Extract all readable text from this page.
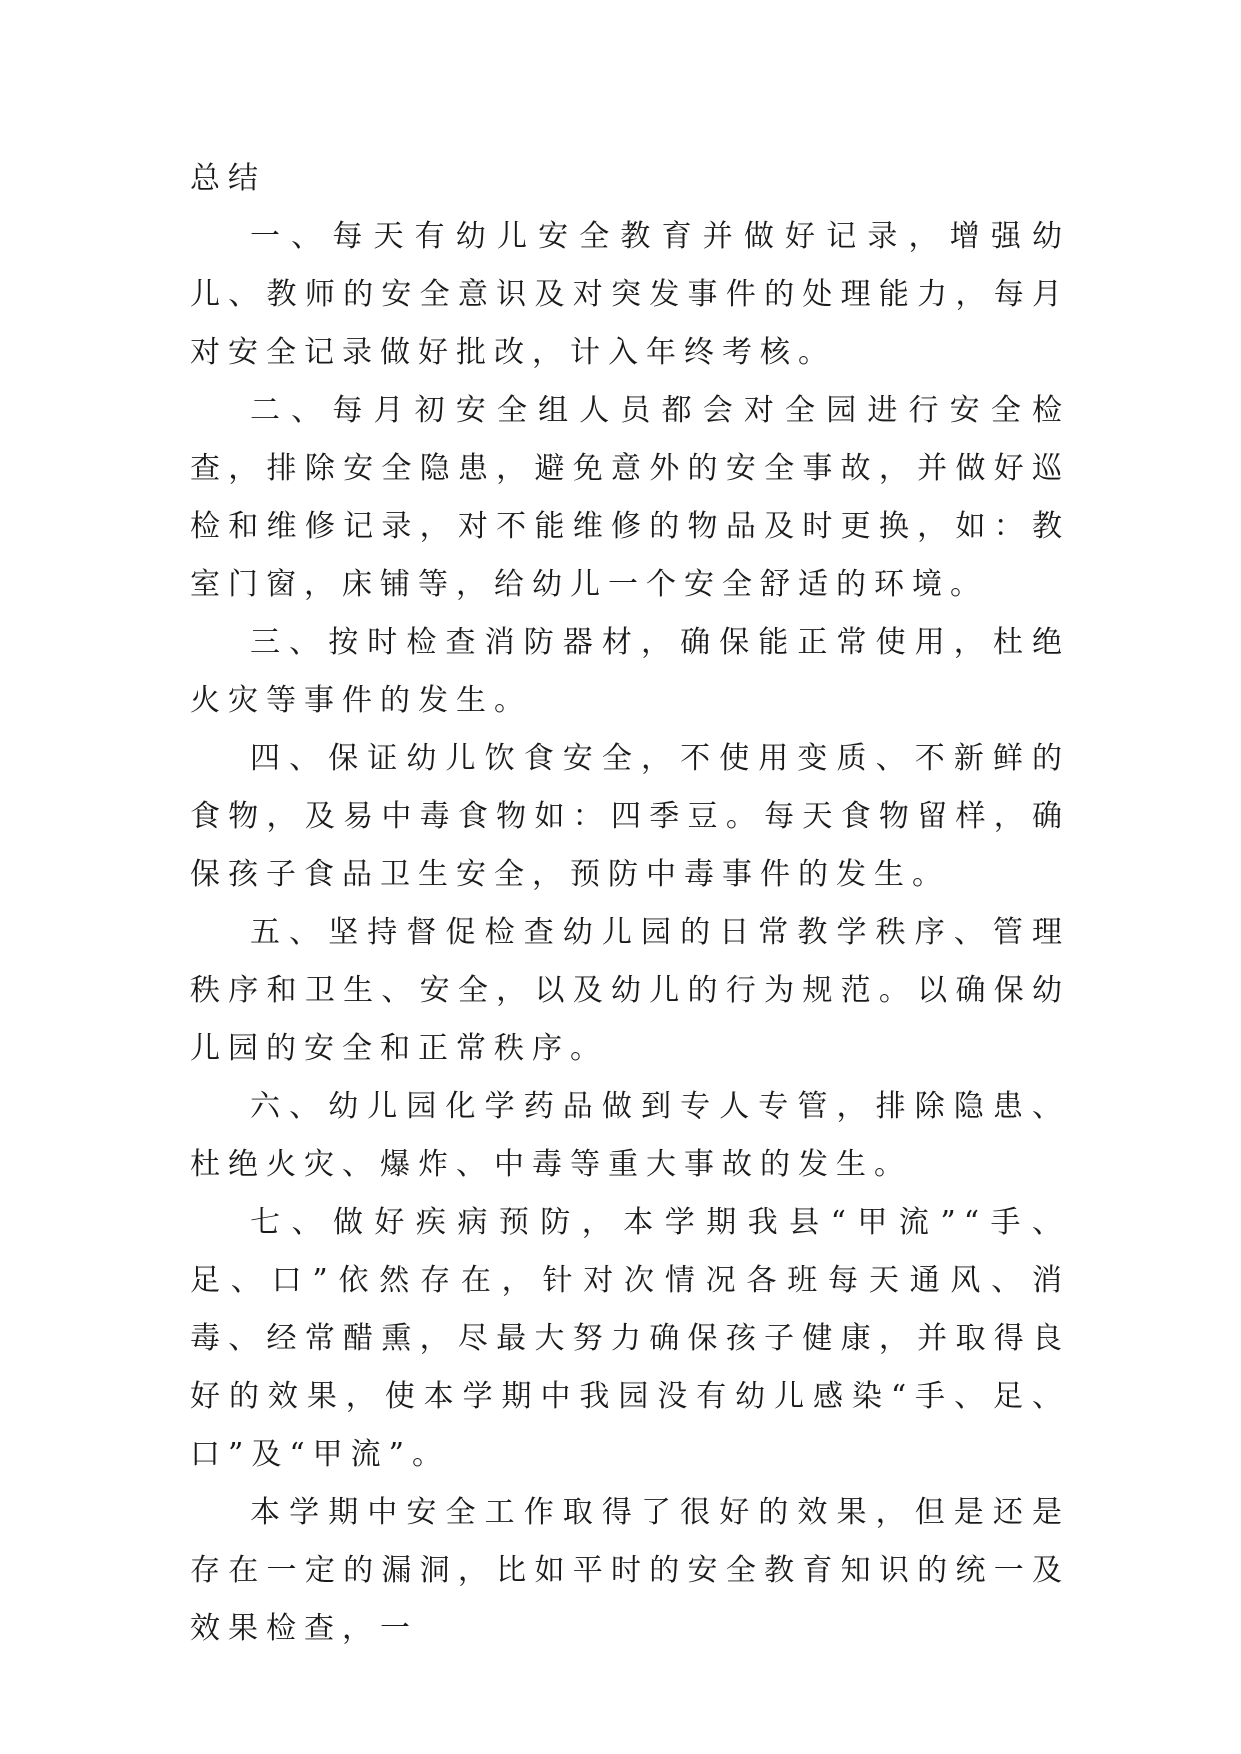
总结

一、每天有幼儿安全教育并做好记录，增强幼儿、教师的安全意识及对突发事件的处理能力，每月对安全记录做好批改，计入年终考核。

二、每月初安全组人员都会对全园进行安全检查，排除安全隐患，避免意外的安全事故，并做好巡检和维修记录，对不能维修的物品及时更换，如：教室门窗，床铺等，给幼儿一个安全舒适的环境。

三、按时检查消防器材，确保能正常使用，杜绝火灾等事件的发生。

四、保证幼儿饮食安全，不使用变质、不新鲜的食物，及易中毒食物如：四季豆。每天食物留样，确保孩子食品卫生安全，预防中毒事件的发生。

五、坚持督促检查幼儿园的日常教学秩序、管理秩序和卫生、安全，以及幼儿的行为规范。以确保幼儿园的安全和正常秩序。

六、幼儿园化学药品做到专人专管，排除隐患、杜绝火灾、爆炸、中毒等重大事故的发生。

七、做好疾病预防，本学期我县“甲流”“手、足、口”依然存在，针对次情况各班每天通风、消毒、经常醋熏，尽最大努力确保孩子健康，并取得良好的效果，使本学期中我园没有幼儿感染“手、足、口”及“甲流”。

本学期中安全工作取得了很好的效果，但是还是存在一定的漏洞，比如平时的安全教育知识的统一及效果检查，一
